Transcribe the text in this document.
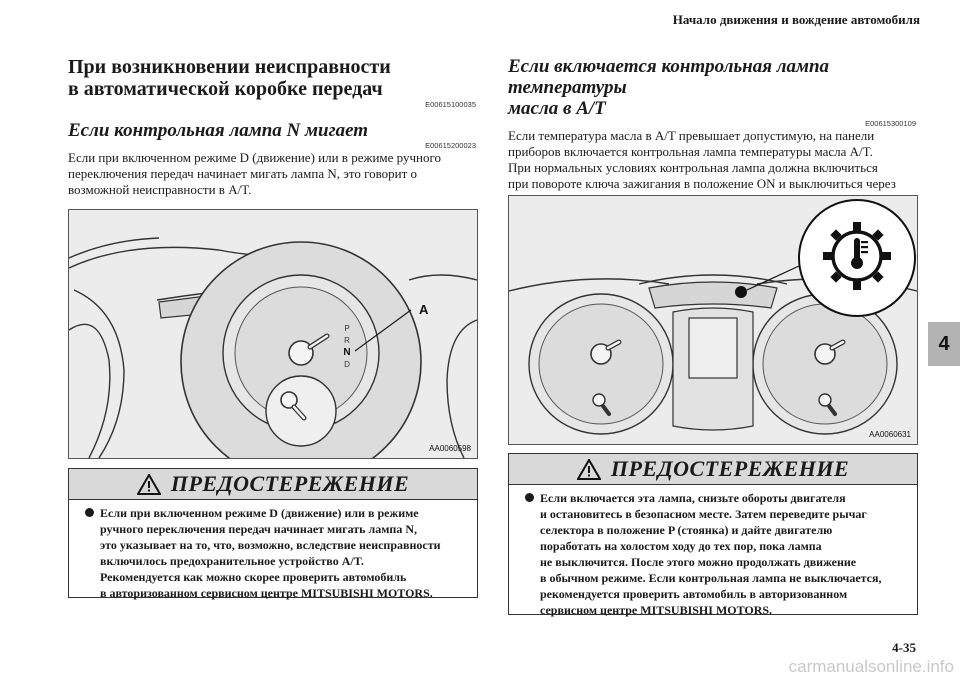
Начало движения и вождение автомобиля
4
4-35
carmanualsonline.info

При возникновении неисправности

в автоматической коробке передач

E00615100035

Если контрольная лампа N мигает

E00615200023

Если при включенном режиме D (движение) или в режиме ручного

переключения передач начинает мигать лампа N, это говорит о

возможной неисправности в A/T.

P
R
N
D
A
AA0060598
ПРЕДОСТЕРЕЖЕНИЕ

Если при включенном режиме D (движение) или в режиме

ручного переключения передач начинает мигать лампа N,

это указывает на то, что, возможно, вследствие неисправности

включилось предохранительное устройство A/T.

Рекомендуется как можно скорее проверить автомобиль

в авторизованном сервисном центре MITSUBISHI MOTORS.

Если включается контрольная лампа температуры

масла в A/T

E00615300109

Если температура масла в A/T превышает допустимую, на панели

приборов включается контрольная лампа температуры масла A/T.

При нормальных условиях контрольная лампа должна включиться

при повороте ключа зажигания в положение ON и выключиться через

AA0060631
ПРЕДОСТЕРЕЖЕНИЕ

Если включается эта лампа, снизьте обороты двигателя

и остановитесь в безопасном месте. Затем переведите рычаг

селектора в положение P (стоянка) и дайте двигателю

поработать на холостом ходу до тех пор, пока лампа

не выключится. После этого можно продолжать движение

в обычном режиме. Если контрольная лампа не выключается,

рекомендуется проверить автомобиль в авторизованном

сервисном центре MITSUBISHI MOTORS.
